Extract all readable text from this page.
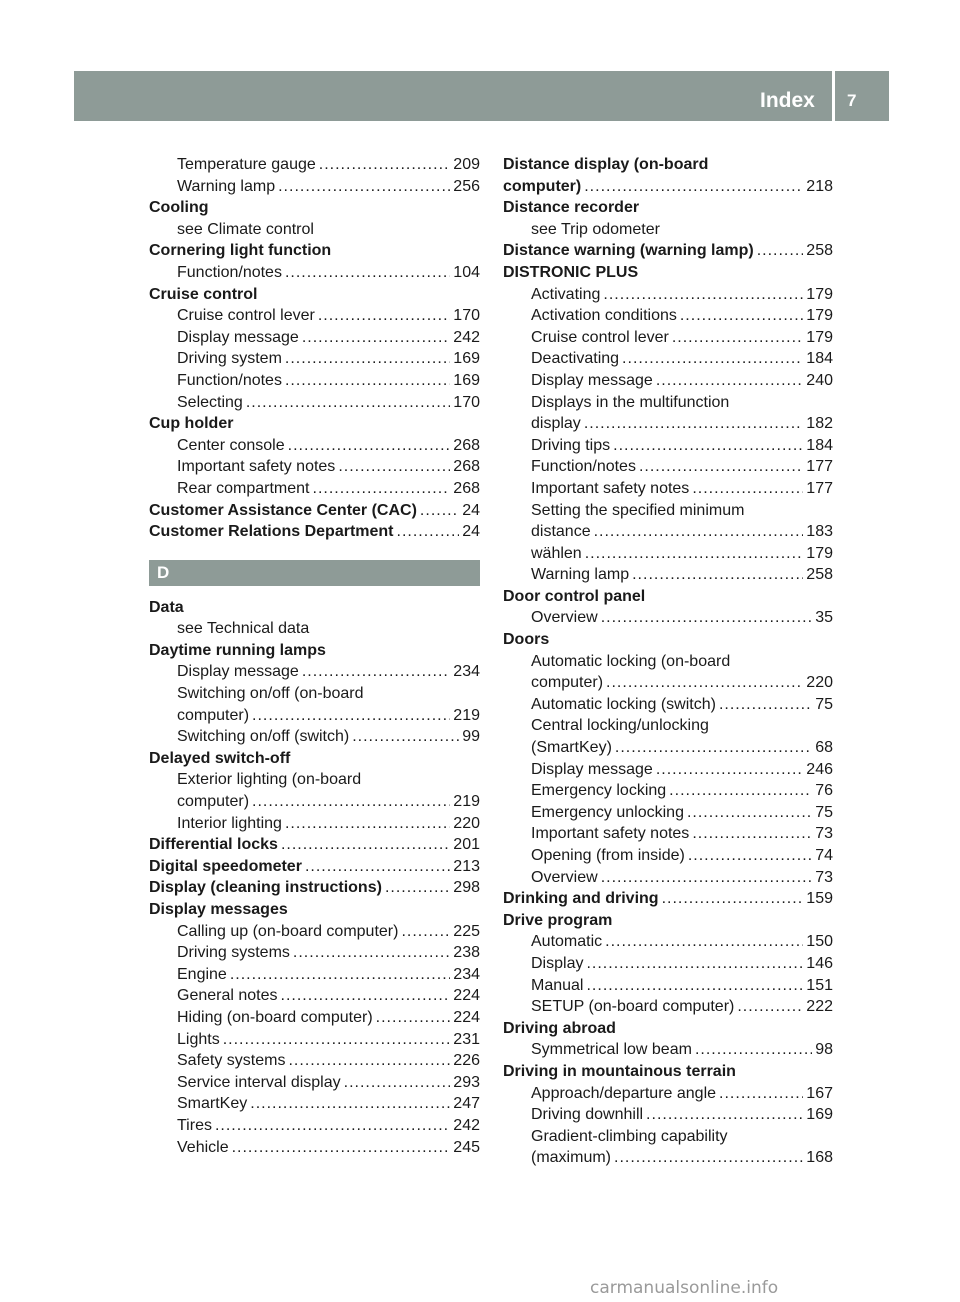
Index 7
Temperature gauge .....	209
Warning lamp .....	256
Cooling
see Climate control
Cornering light function
Function/notes .....	104
Cruise control
Cruise control lever .....	170
Display message .....	242
Driving system .....	169
Function/notes .....	169
Selecting .....	170
Cup holder
Center console .....	268
Important safety notes .....	268
Rear compartment .....	268
Customer Assistance Center (CAC) .....	24
Customer Relations Department .....	24
D
Data
see Technical data
Daytime running lamps
Display message .....	234
Switching on/off (on-board
computer) .....	219
Switching on/off (switch) .....	99
Delayed switch-off
Exterior lighting (on-board
computer) .....	219
Interior lighting .....	220
Differential locks .....	201
Digital speedometer .....	213
Display (cleaning instructions) .....	298
Display messages
Calling up (on-board computer) .....	225
Driving systems .....	238
Engine .....	234
General notes .....	224
Hiding (on-board computer) .....	224
Lights .....	231
Safety systems .....	226
Service interval display .....	293
SmartKey .....	247
Tires .....	242
Vehicle .....	245
Distance display (on-board
computer) .....	218
Distance recorder
see Trip odometer
Distance warning (warning lamp) .....	258
DISTRONIC PLUS
Activating .....	179
Activation conditions .....	179
Cruise control lever .....	179
Deactivating .....	184
Display message .....	240
Displays in the multifunction
display .....	182
Driving tips .....	184
Function/notes .....	177
Important safety notes .....	177
Setting the specified minimum
distance .....	183
wählen .....	179
Warning lamp .....	258
Door control panel
Overview .....	35
Doors
Automatic locking (on-board
computer) .....	220
Automatic locking (switch) .....	75
Central locking/unlocking
(SmartKey) .....	68
Display message .....	246
Emergency locking .....	76
Emergency unlocking .....	75
Important safety notes .....	73
Opening (from inside) .....	74
Overview .....	73
Drinking and driving .....	159
Drive program
Automatic .....	150
Display .....	146
Manual .....	151
SETUP (on-board computer) .....	222
Driving abroad
Symmetrical low beam .....	98
Driving in mountainous terrain
Approach/departure angle .....	167
Driving downhill .....	169
Gradient-climbing capability
(maximum) .....	168
carmanualsonline.info
